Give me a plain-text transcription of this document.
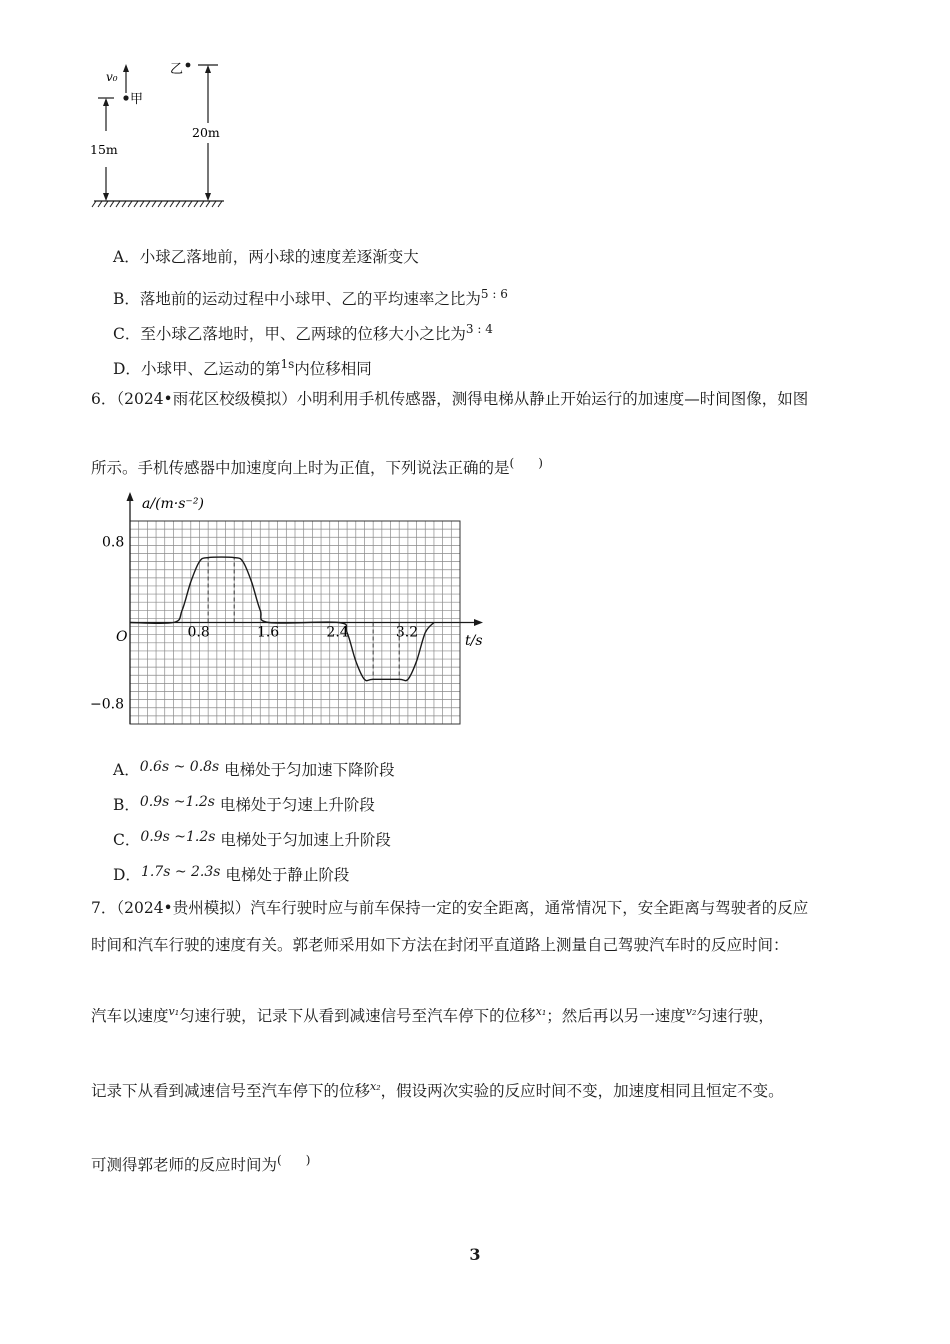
v₀
甲
乙
15m
20m
A．小球乙落地前，两小球的速度差逐渐变大
B．落地前的运动过程中小球甲、乙的平均速率之比为$^{5 : 6}$
C．至小球乙落地时，甲、乙两球的位移大小之比为$^{3 : 4}$
D．小球甲、乙运动的第$^{1s}$内位移相同
6．（2024•雨花区校级模拟）小明利用手机传感器，测得电梯从静止开始运行的加速度—时间图像，如图
所示。手机传感器中加速度向上时为正值，下列说法正确的是(　　)
a/(m·s⁻²)
t/s
O
0.8
−0.8
0.8	1.6	2.4	3.2
A．0.6s ~ 0.8s 电梯处于匀加速下降阶段
B．0.9s ~1.2s 电梯处于匀速上升阶段
C．0.9s ~1.2s 电梯处于匀加速上升阶段
D．1.7s ~ 2.3s 电梯处于静止阶段
7．（2024•贵州模拟）汽车行驶时应与前车保持一定的安全距离，通常情况下，安全距离与驾驶者的反应
时间和汽车行驶的速度有关。郭老师采用如下方法在封闭平直道路上测量自己驾驶汽车时的反应时间：
汽车以速度$^{v_1}$匀速行驶，记录下从看到减速信号至汽车停下的位移$^{x_1}$；然后再以另一速度$^{v_2}$匀速行驶，
记录下从看到减速信号至汽车停下的位移$^{x_2}$，假设两次实验的反应时间不变，加速度相同且恒定不变。
可测得郭老师的反应时间为(　　)
3
